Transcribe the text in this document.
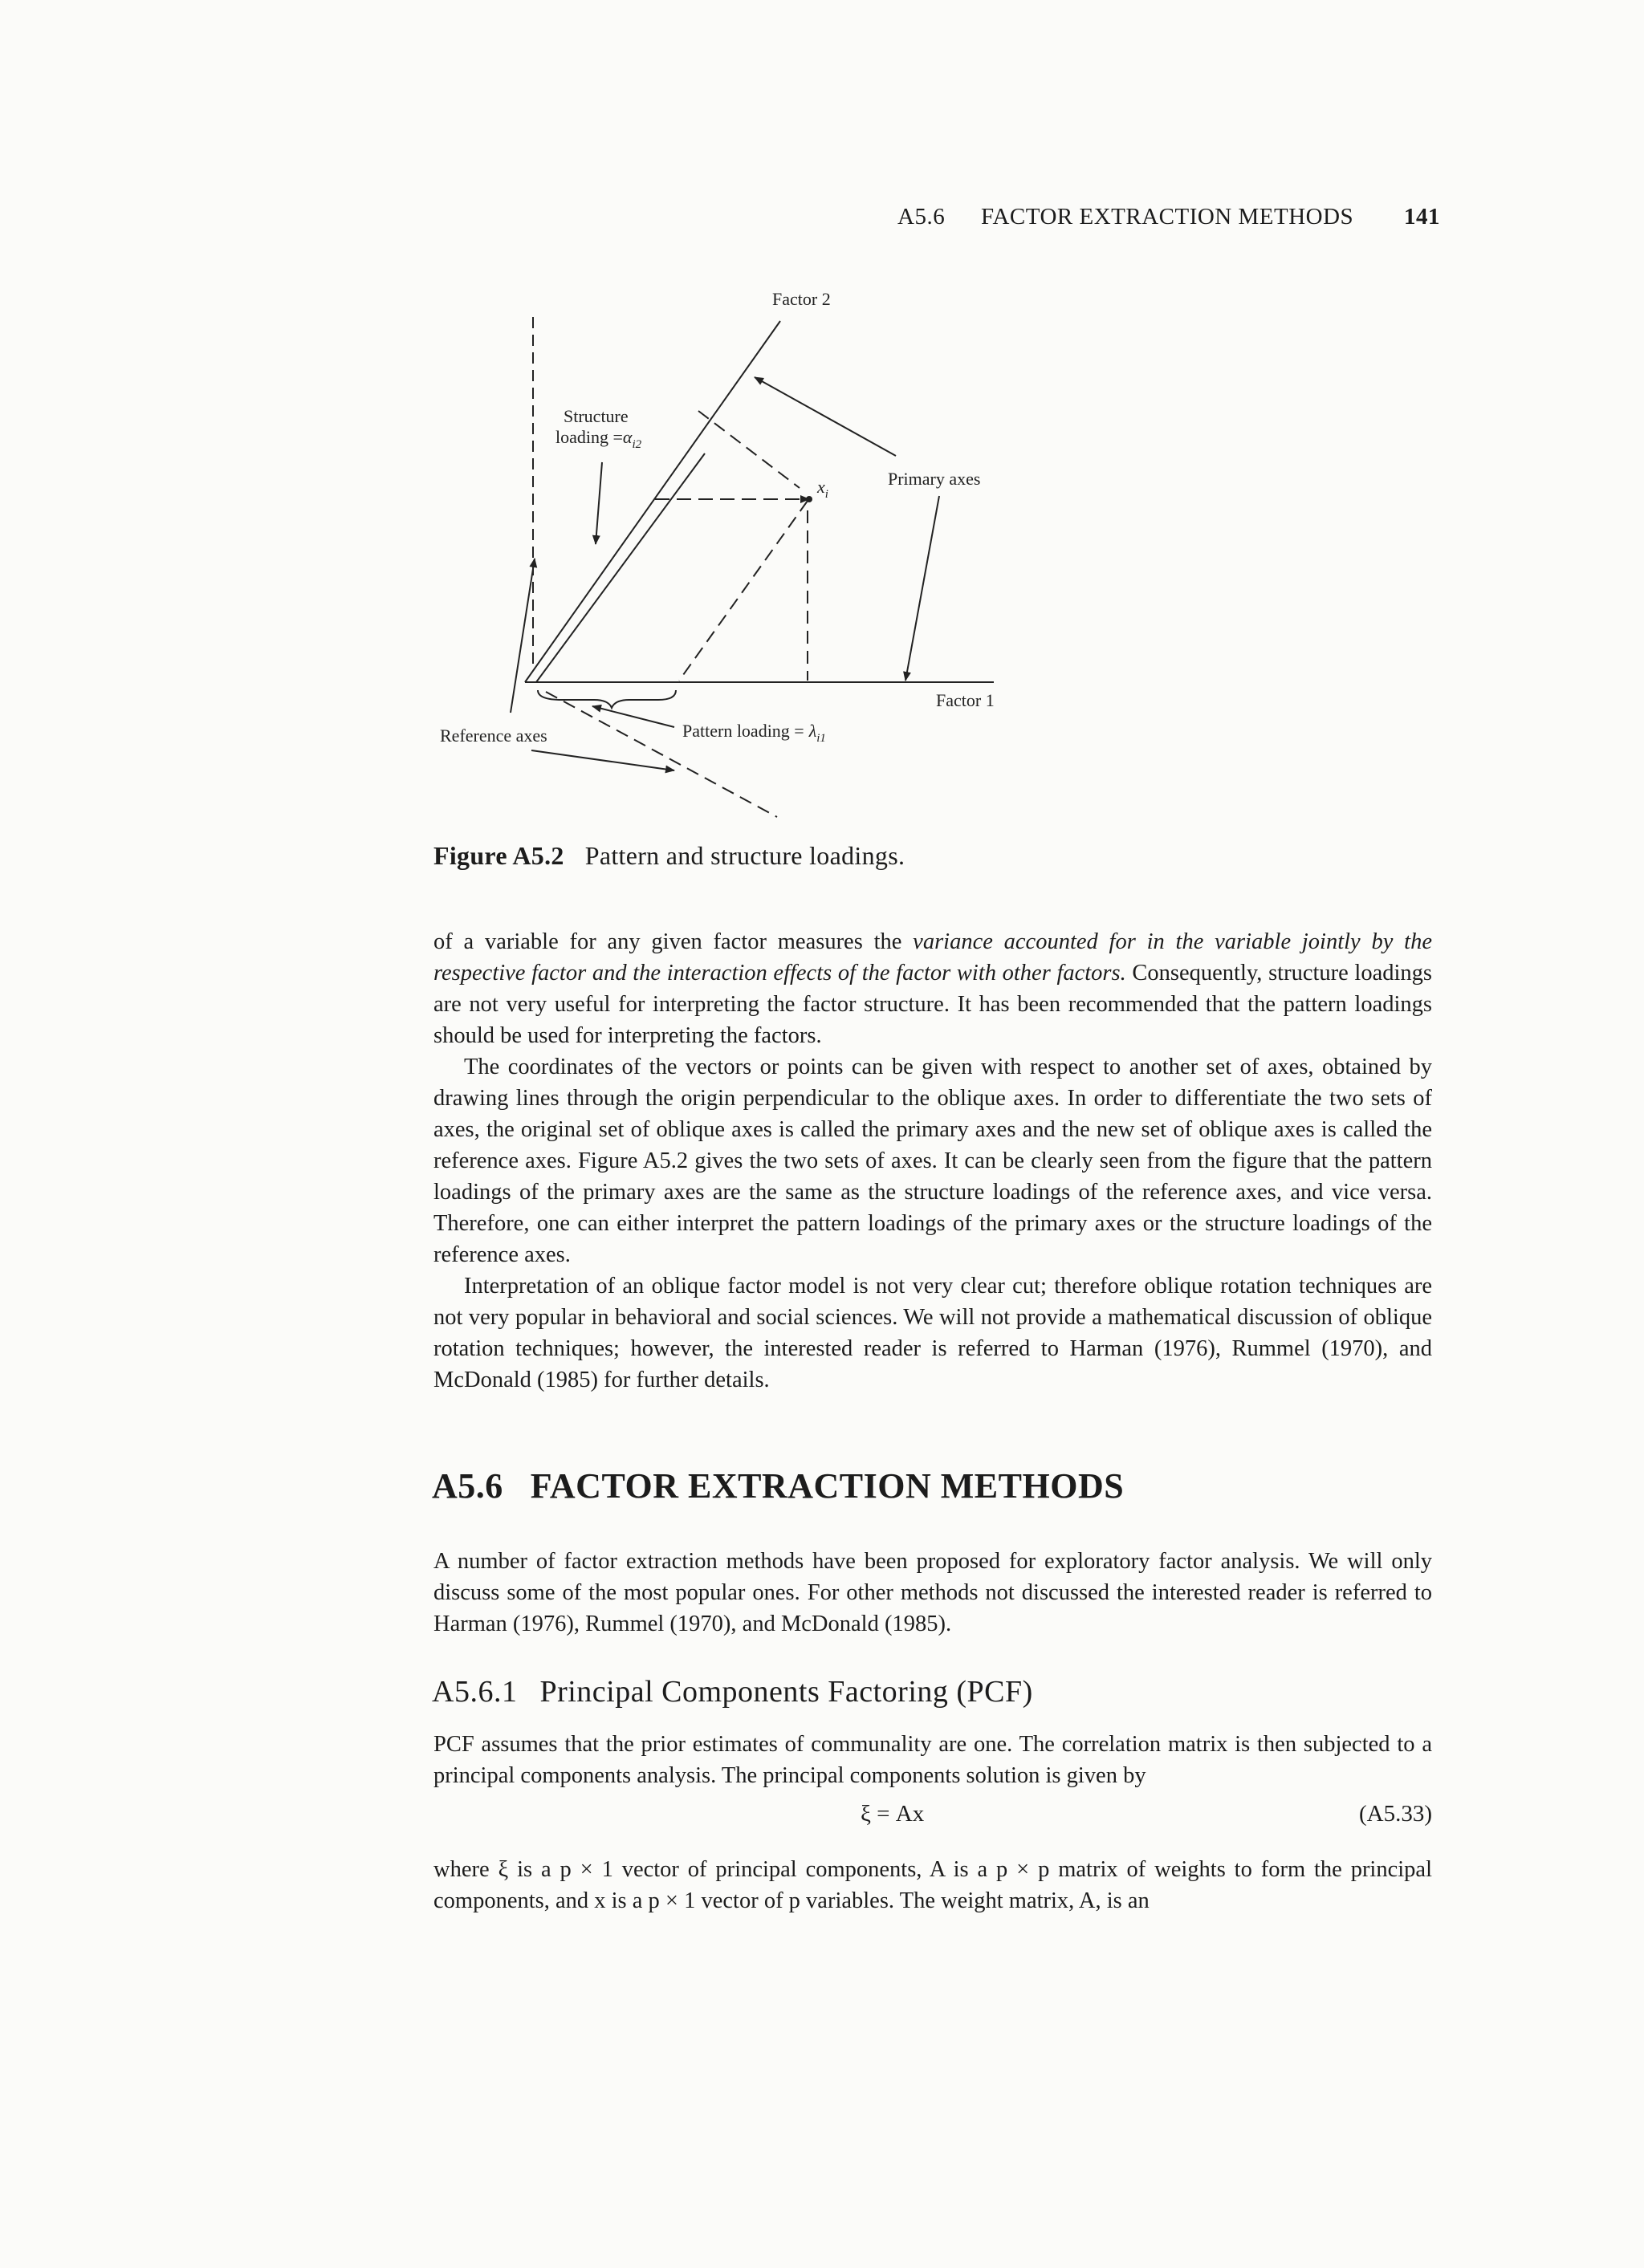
A5.6 FACTOR EXTRACTION METHODS 141
Factor 2
Structure
loading $=\alpha_{i2}$
$x_i$
Primary axes
Factor 1
Reference axes	Pattern loading = $\lambda_{i1}$
Figure A5.2 Pattern and structure loadings.

of a variable for any given factor measures the variance accounted for in the variable jointly by the respective factor and the interaction effects of the factor with other factors. Consequently, structure loadings are not very useful for interpreting the factor structure. It has been recommended that the pattern loadings should be used for interpreting the factors.

The coordinates of the vectors or points can be given with respect to another set of axes, obtained by drawing lines through the origin perpendicular to the oblique axes. In order to differentiate the two sets of axes, the original set of oblique axes is called the primary axes and the new set of oblique axes is called the reference axes. Figure A5.2 gives the two sets of axes. It can be clearly seen from the figure that the pattern loadings of the primary axes are the same as the structure loadings of the reference axes, and vice versa. Therefore, one can either interpret the pattern loadings of the primary axes or the structure loadings of the reference axes.

Interpretation of an oblique factor model is not very clear cut; therefore oblique rotation techniques are not very popular in behavioral and social sciences. We will not provide a mathematical discussion of oblique rotation techniques; however, the interested reader is referred to Harman (1976), Rummel (1970), and McDonald (1985) for further details.

A5.6 FACTOR EXTRACTION METHODS

A number of factor extraction methods have been proposed for exploratory factor analysis. We will only discuss some of the most popular ones. For other methods not discussed the interested reader is referred to Harman (1976), Rummel (1970), and McDonald (1985).

A5.6.1 Principal Components Factoring (PCF)

PCF assumes that the prior estimates of communality are one. The correlation matrix is then subjected to a principal components analysis. The principal components solution is given by

ξ = Ax	(A5.33)

where ξ is a p × 1 vector of principal components, A is a p × p matrix of weights to form the principal components, and x is a p × 1 vector of p variables. The weight matrix, A, is an
